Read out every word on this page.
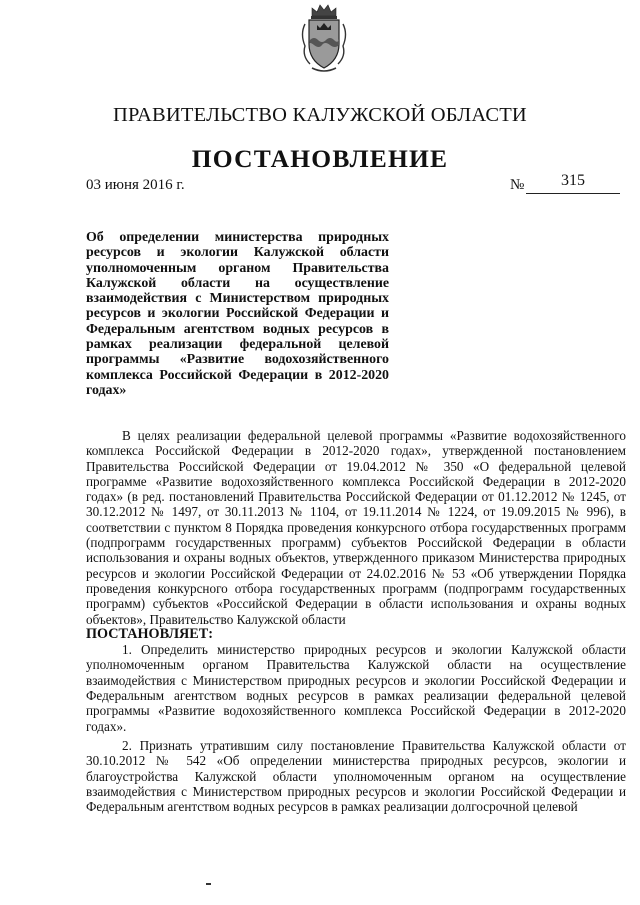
ПРАВИТЕЛЬСТВО КАЛУЖСКОЙ ОБЛАСТИ
ПОСТАНОВЛЕНИЕ
03 июня 2016 г.	№	315
Об определении министерства природных ресурсов и экологии Калужской области уполномоченным органом Правительства Калужской области на осуществление взаимодействия с Министерством природных ресурсов и экологии Российской Федерации и Федеральным агентством водных ресурсов в рамках реализации федеральной целевой программы «Развитие водохозяйственного комплекса Российской Федерации в 2012-2020 годах»

В целях реализации федеральной целевой программы «Развитие водохозяйственного комплекса Российской Федерации в 2012-2020 годах», утвержденной постановлением Правительства Российской Федерации от 19.04.2012 № 350 «О федеральной целевой программе «Развитие водохозяйственного комплекса Российской Федерации в 2012-2020 годах» (в ред. постановлений Правительства Российской Федерации от 01.12.2012 № 1245, от 30.12.2012 № 1497, от 30.11.2013 № 1104, от 19.11.2014 № 1224, от 19.09.2015 № 996), в соответствии с пунктом 8 Порядка проведения конкурсного отбора государственных программ (подпрограмм государственных программ) субъектов Российской Федерации в области использования и охраны водных объектов, утвержденного приказом Министерства природных ресурсов и экологии Российской Федерации от 24.02.2016 № 53 «Об утверждении Порядка проведения конкурсного отбора государственных программ (подпрограмм государственных программ) субъектов «Российской Федерации в области использования и охраны водных объектов», Правительство Калужской области

ПОСТАНОВЛЯЕТ:

1. Определить министерство природных ресурсов и экологии Калужской области уполномоченным органом Правительства Калужской области на осуществление взаимодействия с Министерством природных ресурсов и экологии Российской Федерации и Федеральным агентством водных ресурсов в рамках реализации федеральной целевой программы «Развитие водохозяйственного комплекса Российской Федерации в 2012-2020 годах».

2. Признать утратившим силу постановление Правительства Калужской области от 30.10.2012 № 542 «Об определении министерства природных ресурсов, экологии и благоустройства Калужской области уполномоченным органом на осуществление взаимодействия с Министерством природных ресурсов и экологии Российской Федерации и Федеральным агентством водных ресурсов в рамках реализации долгосрочной целевой
